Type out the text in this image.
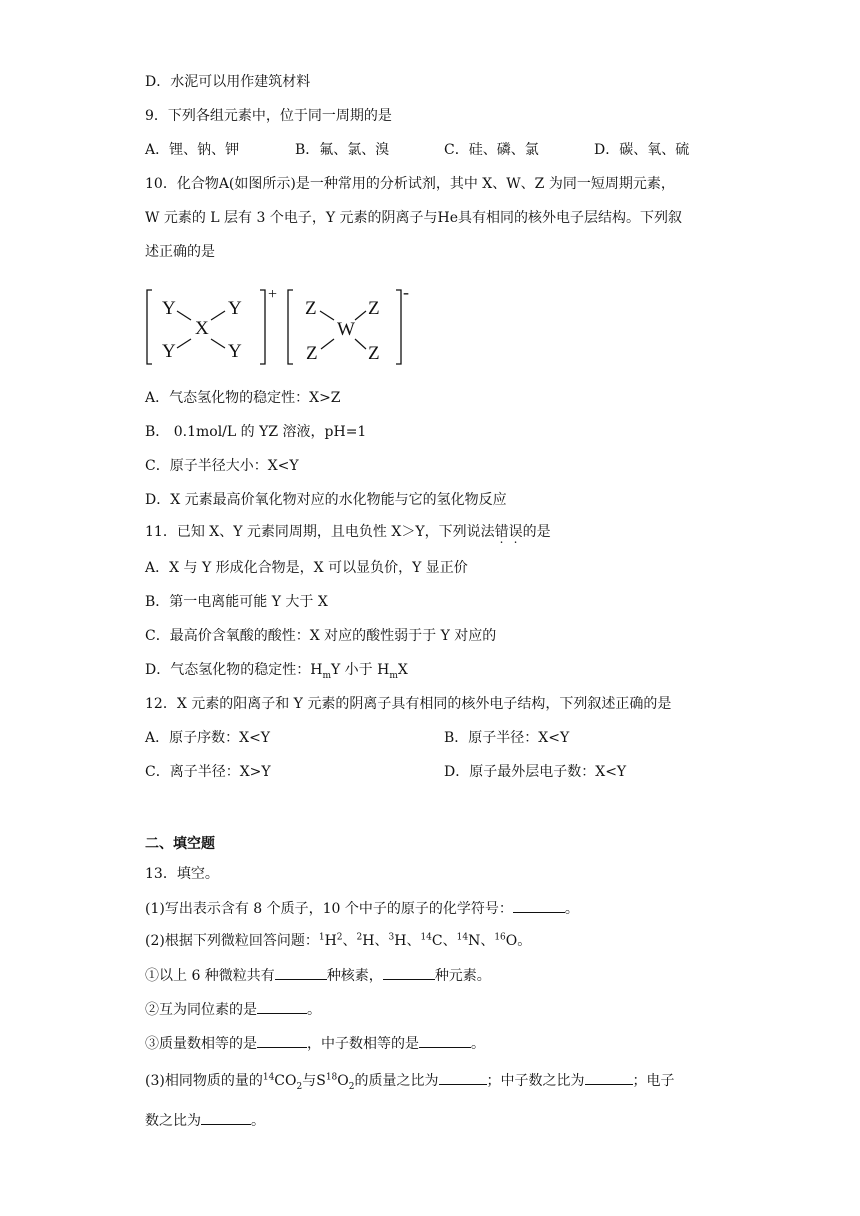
D．水泥可以用作建筑材料
9．下列各组元素中，位于同一周期的是
A．锂、钠、钾	B．氟、氯、溴	C．硅、磷、氯	D．碳、氧、硫
10．化合物A(如图所示)是一种常用的分析试剂，其中 X、W、Z 为同一短周期元素，
W 元素的 L 层有 3 个电子，Y 元素的阴离子与He具有相同的核外电子层结构。下列叙
述正确的是
Y	Y
X
Y	Y
+
Z	Z
W
Z	Z
-
A．气态氢化物的稳定性：X>Z
B． 0.1mol/L 的 YZ 溶液，pH=1
C．原子半径大小：X<Y
D．X 元素最高价氧化物对应的水化物能与它的氢化物反应
11．已知 X、Y 元素同周期，且电负性 X＞Y，下列说法错误的是
A．X 与 Y 形成化合物是，X 可以显负价，Y 显正价
B．第一电离能可能 Y 大于 X
C．最高价含氧酸的酸性：X 对应的酸性弱于于 Y 对应的
D．气态氢化物的稳定性：$H_mY$ 小于 $H_mX$
12．X 元素的阳离子和 Y 元素的阴离子具有相同的核外电子结构，下列叙述正确的是
A．原子序数：X<Y	B．原子半径：X<Y
C．离子半径：X>Y	D．原子最外层电子数：X<Y
二、填空题
13．填空。
(1)写出表示含有 8 个质子，10 个中子的原子的化学符号：	。
(2)根据下列微粒回答问题：$^1H^2$、$^2$H、$^3$H、$^{14}$C、$^{14}$N、$^{16}$O。
①以上 6 种微粒共有	种核素，	种元素。
②互为同位素的是	。
③质量数相等的是	，中子数相等的是	。
(3)相同物质的量的$^{14}CO_2$与$S^{18}O_2$的质量之比为	；中子数之比为	；电子
数之比为	。
